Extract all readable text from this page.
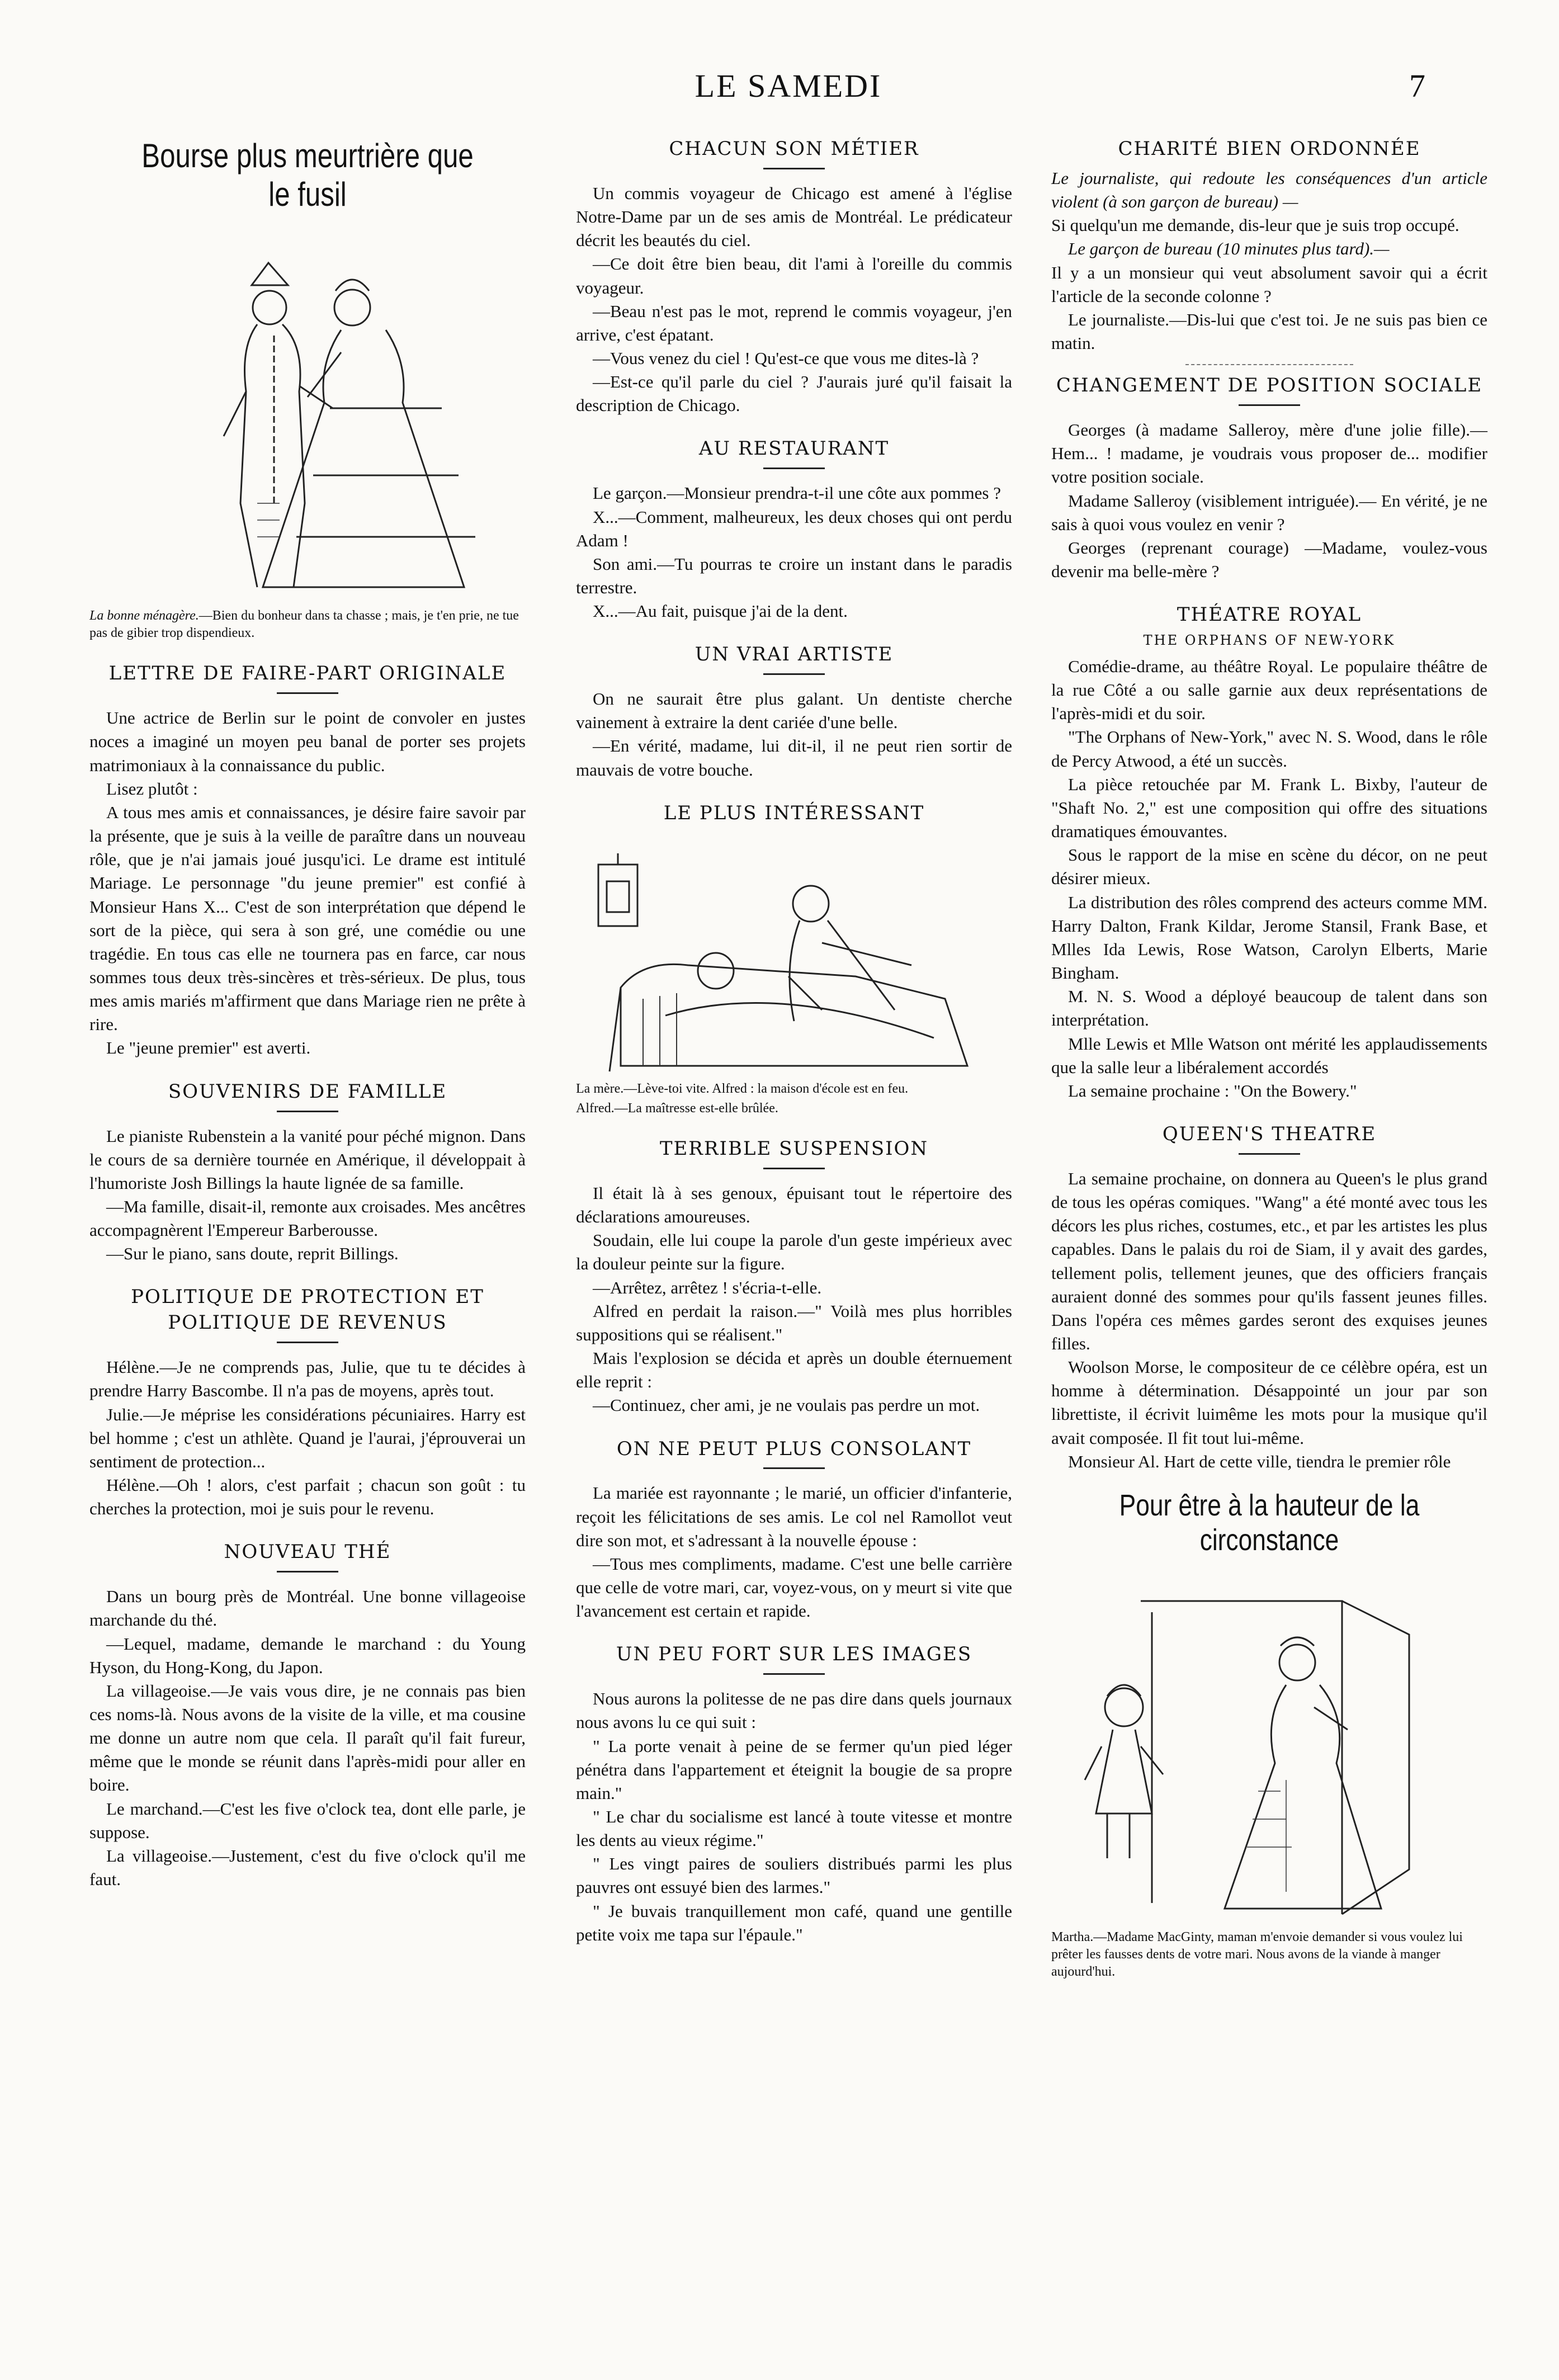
LE SAMEDI	7
Bourse plus meurtrière que le fusil
La bonne ménagère.—Bien du bonheur dans ta chasse ; mais, je t'en prie, ne tue pas de gibier trop dispendieux.
LETTRE DE FAIRE-PART ORIGINALE

Une actrice de Berlin sur le point de convoler en justes noces a imaginé un moyen peu banal de porter ses projets matrimoniaux à la connaissance du public.

Lisez plutôt :

A tous mes amis et connaissances, je désire faire savoir par la présente, que je suis à la veille de paraître dans un nouveau rôle, que je n'ai jamais joué jusqu'ici. Le drame est intitulé Mariage. Le personnage "du jeune premier" est confié à Monsieur Hans X... C'est de son interprétation que dépend le sort de la pièce, qui sera à son gré, une comédie ou une tragédie. En tous cas elle ne tournera pas en farce, car nous sommes tous deux très-sincères et très-sérieux. De plus, tous mes amis mariés m'affirment que dans Mariage rien ne prête à rire.

Le "jeune premier" est averti.

SOUVENIRS DE FAMILLE

Le pianiste Rubenstein a la vanité pour péché mignon. Dans le cours de sa dernière tournée en Amérique, il développait à l'humoriste Josh Billings la haute lignée de sa famille.

—Ma famille, disait-il, remonte aux croisades. Mes ancêtres accompagnèrent l'Empereur Barberousse.

—Sur le piano, sans doute, reprit Billings.

POLITIQUE DE PROTECTION ET POLITIQUE DE REVENUS

Hélène.—Je ne comprends pas, Julie, que tu te décides à prendre Harry Bascombe. Il n'a pas de moyens, après tout.

Julie.—Je méprise les considérations pécuniaires. Harry est bel homme ; c'est un athlète. Quand je l'aurai, j'éprouverai un sentiment de protection...

Hélène.—Oh ! alors, c'est parfait ; chacun son goût : tu cherches la protection, moi je suis pour le revenu.

NOUVEAU THÉ

Dans un bourg près de Montréal. Une bonne villageoise marchande du thé.

—Lequel, madame, demande le marchand : du Young Hyson, du Hong-Kong, du Japon.

La villageoise.—Je vais vous dire, je ne connais pas bien ces noms-là. Nous avons de la visite de la ville, et ma cousine me donne un autre nom que cela. Il paraît qu'il fait fureur, même que le monde se réunit dans l'après-midi pour aller en boire.

Le marchand.—C'est les five o'clock tea, dont elle parle, je suppose.

La villageoise.—Justement, c'est du five o'clock qu'il me faut.

CHACUN SON MÉTIER

Un commis voyageur de Chicago est amené à l'église Notre-Dame par un de ses amis de Montréal. Le prédicateur décrit les beautés du ciel.

—Ce doit être bien beau, dit l'ami à l'oreille du commis voyageur.

—Beau n'est pas le mot, reprend le commis voyageur, j'en arrive, c'est épatant.

—Vous venez du ciel ! Qu'est-ce que vous me dites-là ?

—Est-ce qu'il parle du ciel ? J'aurais juré qu'il faisait la description de Chicago.

AU RESTAURANT

Le garçon.—Monsieur prendra-t-il une côte aux pommes ?

X...—Comment, malheureux, les deux choses qui ont perdu Adam !

Son ami.—Tu pourras te croire un instant dans le paradis terrestre.

X...—Au fait, puisque j'ai de la dent.

UN VRAI ARTISTE

On ne saurait être plus galant. Un dentiste cherche vainement à extraire la dent cariée d'une belle.

—En vérité, madame, lui dit-il, il ne peut rien sortir de mauvais de votre bouche.

LE PLUS INTÉRESSANT
La mère.—Lève-toi vite. Alfred : la maison d'école est en feu.
Alfred.—La maîtresse est-elle brûlée.
TERRIBLE SUSPENSION

Il était là à ses genoux, épuisant tout le répertoire des déclarations amoureuses.

Soudain, elle lui coupe la parole d'un geste impérieux avec la douleur peinte sur la figure.

—Arrêtez, arrêtez ! s'écria-t-elle.

Alfred en perdait la raison.—" Voilà mes plus horribles suppositions qui se réalisent."

Mais l'explosion se décida et après un double éternuement elle reprit :

—Continuez, cher ami, je ne voulais pas perdre un mot.

ON NE PEUT PLUS CONSOLANT

La mariée est rayonnante ; le marié, un officier d'infanterie, reçoit les félicitations de ses amis. Le col nel Ramollot veut dire son mot, et s'adressant à la nouvelle épouse :

—Tous mes compliments, madame. C'est une belle carrière que celle de votre mari, car, voyez-vous, on y meurt si vite que l'avancement est certain et rapide.

UN PEU FORT SUR LES IMAGES

Nous aurons la politesse de ne pas dire dans quels journaux nous avons lu ce qui suit :

" La porte venait à peine de se fermer qu'un pied léger pénétra dans l'appartement et éteignit la bougie de sa propre main."

" Le char du socialisme est lancé à toute vitesse et montre les dents au vieux régime."

" Les vingt paires de souliers distribués parmi les plus pauvres ont essuyé bien des larmes."

" Je buvais tranquillement mon café, quand une gentille petite voix me tapa sur l'épaule."

CHARITÉ BIEN ORDONNÉE

Le journaliste, qui redoute les conséquences d'un article violent (à son garçon de bureau) —

Si quelqu'un me demande, dis-leur que je suis trop occupé.

Le garçon de bureau (10 minutes plus tard).—

Il y a un monsieur qui veut absolument savoir qui a écrit l'article de la seconde colonne ?

Le journaliste.—Dis-lui que c'est toi. Je ne suis pas bien ce matin.

CHANGEMENT DE POSITION SOCIALE

Georges (à madame Salleroy, mère d'une jolie fille).—Hem... ! madame, je voudrais vous proposer de... modifier votre position sociale.

Madame Salleroy (visiblement intriguée).— En vérité, je ne sais à quoi vous voulez en venir ?

Georges (reprenant courage) —Madame, voulez-vous devenir ma belle-mère ?

THÉATRE ROYAL
THE ORPHANS OF NEW-YORK

Comédie-drame, au théâtre Royal. Le populaire théâtre de la rue Côté a ou salle garnie aux deux représentations de l'après-midi et du soir.

"The Orphans of New-York," avec N. S. Wood, dans le rôle de Percy Atwood, a été un succès.

La pièce retouchée par M. Frank L. Bixby, l'auteur de "Shaft No. 2," est une composition qui offre des situations dramatiques émouvantes.

Sous le rapport de la mise en scène du décor, on ne peut désirer mieux.

La distribution des rôles comprend des acteurs comme MM. Harry Dalton, Frank Kildar, Jerome Stansil, Frank Base, et Mlles Ida Lewis, Rose Watson, Carolyn Elberts, Marie Bingham.

M. N. S. Wood a déployé beaucoup de talent dans son interprétation.

Mlle Lewis et Mlle Watson ont mérité les applaudissements que la salle leur a libéralement accordés

La semaine prochaine : "On the Bowery."

QUEEN'S THEATRE

La semaine prochaine, on donnera au Queen's le plus grand de tous les opéras comiques. "Wang" a été monté avec tous les décors les plus riches, costumes, etc., et par les artistes les plus capables. Dans le palais du roi de Siam, il y avait des gardes, tellement polis, tellement jeunes, que des officiers français auraient donné des sommes pour qu'ils fassent jeunes filles. Dans l'opéra ces mêmes gardes seront des exquises jeunes filles.

Woolson Morse, le compositeur de ce célèbre opéra, est un homme à détermination. Désappointé un jour par son librettiste, il écrivit luimême les mots pour la musique qu'il avait composée. Il fit tout lui-même.

Monsieur Al. Hart de cette ville, tiendra le premier rôle

Pour être à la hauteur de la circonstance
Martha.—Madame MacGinty, maman m'envoie demander si vous voulez lui prêter les fausses dents de votre mari. Nous avons de la viande à manger aujourd'hui.
